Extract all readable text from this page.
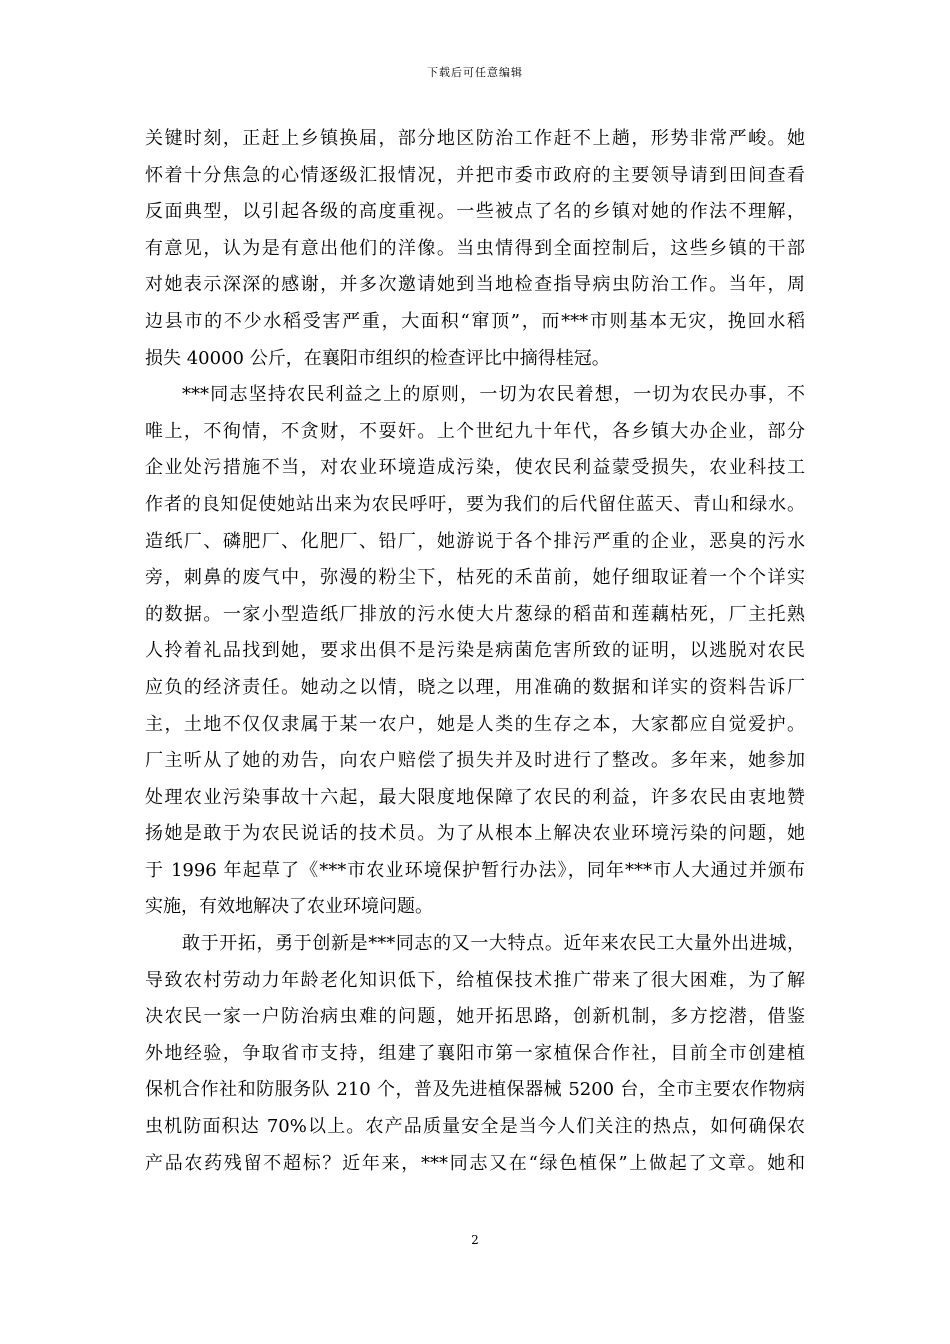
下载后可任意编辑
关键时刻，正赶上乡镇换届，部分地区防治工作赶不上趟，形势非常严峻。她
怀着十分焦急的心情逐级汇报情况，并把市委市政府的主要领导请到田间查看
反面典型，以引起各级的高度重视。一些被点了名的乡镇对她的作法不理解，
有意见，认为是有意出他们的洋像。当虫情得到全面控制后，这些乡镇的干部
对她表示深深的感谢，并多次邀请她到当地检查指导病虫防治工作。当年，周
边县市的不少水稻受害严重，大面积“窜顶”，而***市则基本无灾，挽回水稻
损失 40000 公斤，在襄阳市组织的检查评比中摘得桂冠。
***同志坚持农民利益之上的原则，一切为农民着想，一切为农民办事，不
唯上，不徇情，不贪财，不耍奸。上个世纪九十年代，各乡镇大办企业，部分
企业处污措施不当，对农业环境造成污染，使农民利益蒙受损失，农业科技工
作者的良知促使她站出来为农民呼吁，要为我们的后代留住蓝天、青山和绿水。
造纸厂、磷肥厂、化肥厂、铅厂，她游说于各个排污严重的企业，恶臭的污水
旁，刺鼻的废气中，弥漫的粉尘下，枯死的禾苗前，她仔细取证着一个个详实
的数据。一家小型造纸厂排放的污水使大片葱绿的稻苗和莲藕枯死，厂主托熟
人拎着礼品找到她，要求出俱不是污染是病菌危害所致的证明，以逃脱对农民
应负的经济责任。她动之以情，晓之以理，用准确的数据和详实的资料告诉厂
主，土地不仅仅隶属于某一农户，她是人类的生存之本，大家都应自觉爱护。
厂主听从了她的劝告，向农户赔偿了损失并及时进行了整改。多年来，她参加
处理农业污染事故十六起，最大限度地保障了农民的利益，许多农民由衷地赞
扬她是敢于为农民说话的技术员。为了从根本上解决农业环境污染的问题，她
于 1996 年起草了《***市农业环境保护暂行办法》，同年***市人大通过并颁布
实施，有效地解决了农业环境问题。
敢于开拓，勇于创新是***同志的又一大特点。近年来农民工大量外出进城，
导致农村劳动力年龄老化知识低下，给植保技术推广带来了很大困难，为了解
决农民一家一户防治病虫难的问题，她开拓思路，创新机制，多方挖潜，借鉴
外地经验，争取省市支持，组建了襄阳市第一家植保合作社，目前全市创建植
保机合作社和防服务队 210 个，普及先进植保器械 5200 台，全市主要农作物病
虫机防面积达 70%以上。农产品质量安全是当今人们关注的热点，如何确保农
产品农药残留不超标？近年来，***同志又在“绿色植保”上做起了文章。她和
2
